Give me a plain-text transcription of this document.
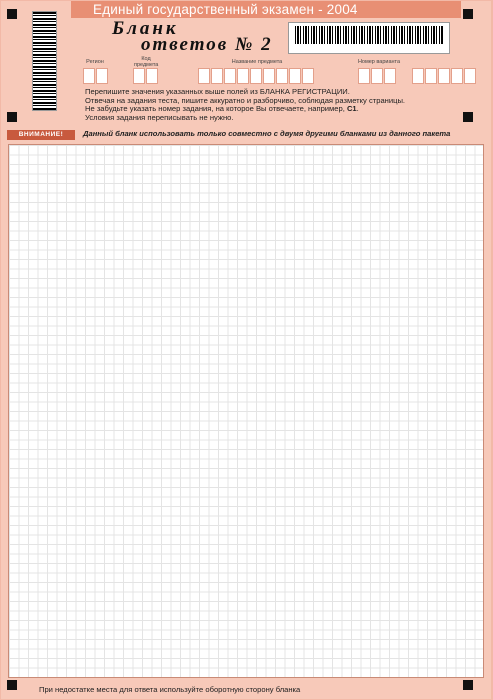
Единый государственный экзамен - 2004
Бланк
ответов № 2
Регион	Код предмета	Название предмета	Номер варианта
Перепишите значения указанных выше полей из БЛАНКА РЕГИСТРАЦИИ.
Отвечая на задания теста, пишите аккуратно и разборчиво, соблюдая разметку страницы.
Не забудьте указать номер задания, на которое Вы отвечаете, например, С1.
Условия задания переписывать не нужно.
ВНИМАНИЕ!	Данный бланк использовать только совместно с двумя другими бланками из данного пакета
При недостатке места для ответа используйте оборотную сторону бланка
